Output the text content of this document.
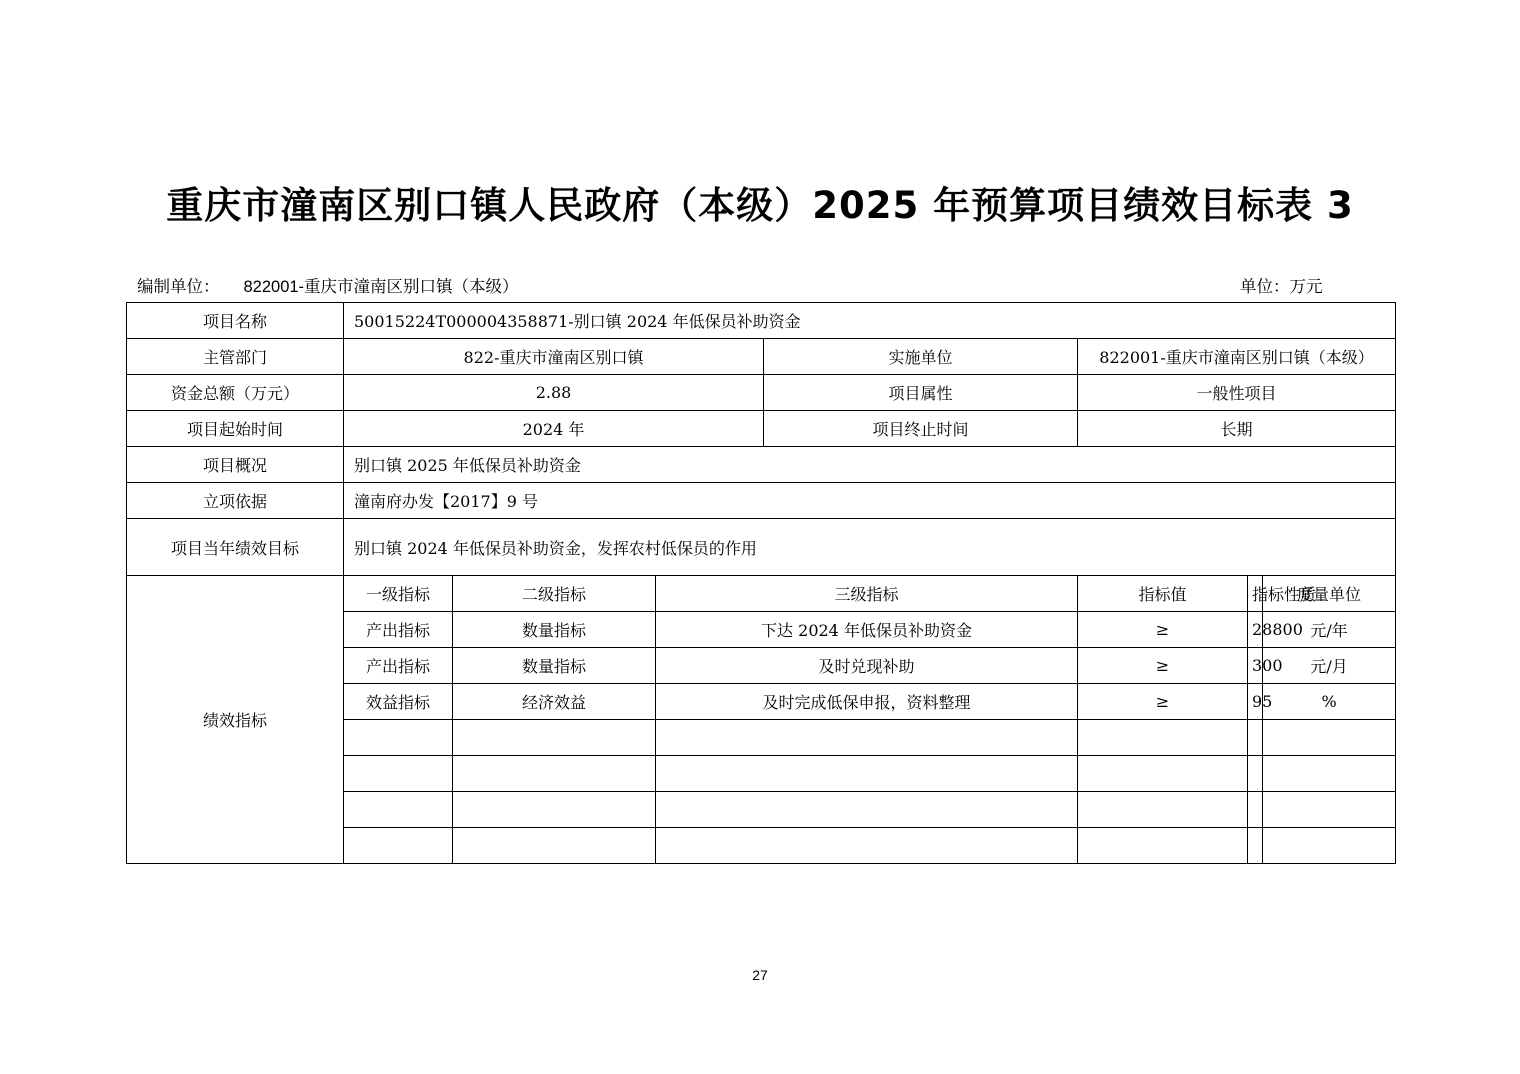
重庆市潼南区别口镇人民政府（本级）2025 年预算项目绩效目标表 3
编制单位： 822001-重庆市潼南区别口镇（本级）	单位：万元
项目名称	50015224T000004358871-别口镇 2024 年低保员补助资金						
主管部门	822-重庆市潼南区别口镇			实施单位	822001-重庆市潼南区别口镇（本级）		
资金总额（万元）	2.88			项目属性	一般性项目		
项目起始时间	2024 年			项目终止时间	长期		
项目概况	别口镇 2025 年低保员补助资金						
立项依据	潼南府办发【2017】9 号						
项目当年绩效目标	别口镇 2024 年低保员补助资金，发挥农村低保员的作用						
绩效指标	一级指标	二级指标	三级指标		指标值	指标性质	度量单位
	产出指标	数量指标	下达 2024 年低保员补助资金		≥	28800	元/年
	产出指标	数量指标	及时兑现补助		≥	300	元/月
	效益指标	经济效益	及时完成低保申报，资料整理		≥	95	%

27
